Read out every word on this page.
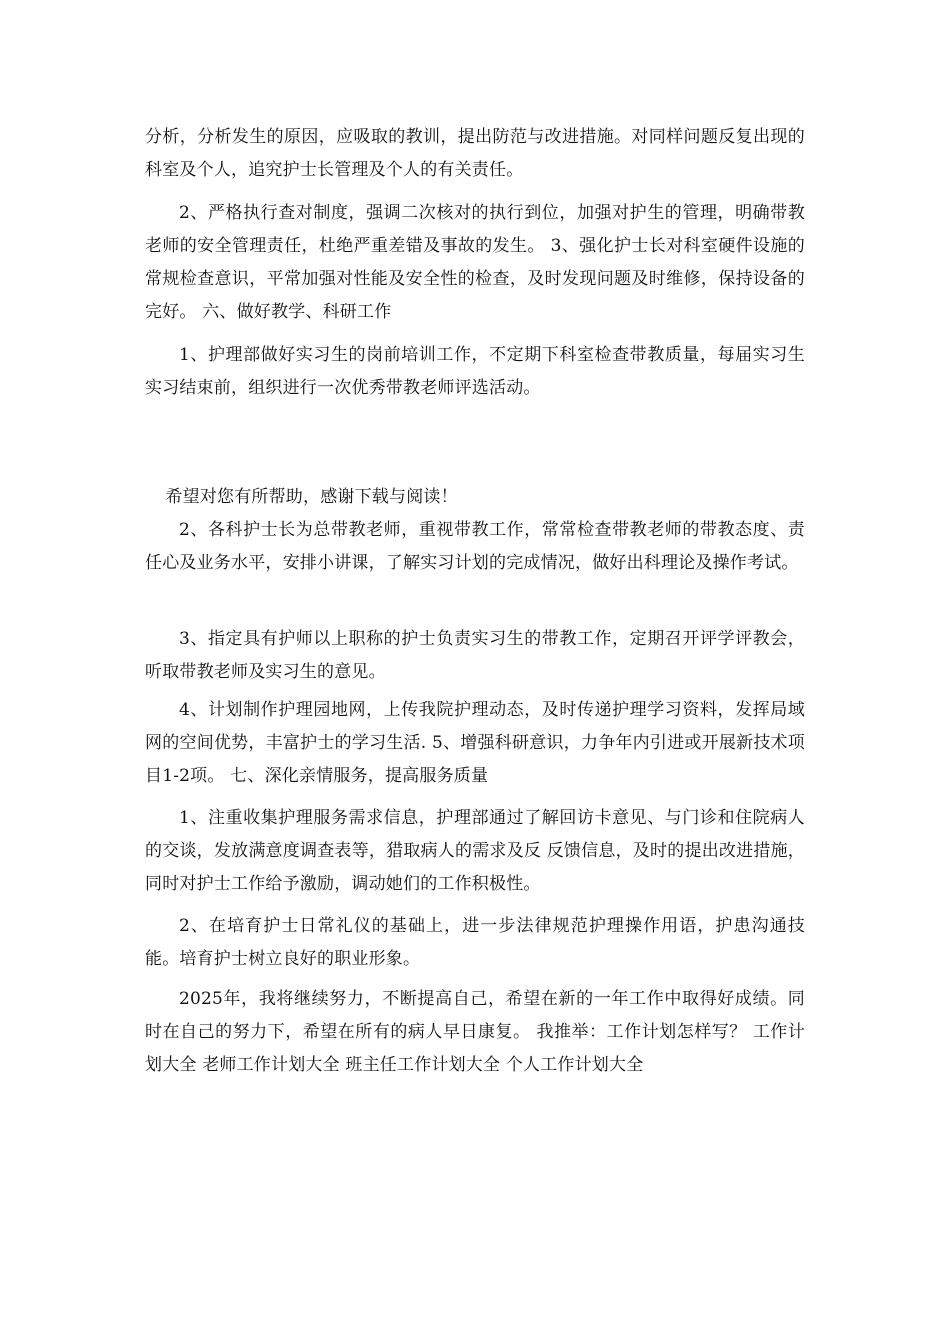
分析，分析发生的原因，应吸取的教训，提出防范与改进措施。对同样问题反复出现的科室及个人，追究护士长管理及个人的有关责任。

2、严格执行查对制度，强调二次核对的执行到位，加强对护生的管理，明确带教老师的安全管理责任，杜绝严重差错及事故的发生。 3、强化护士长对科室硬件设施的常规检查意识，平常加强对性能及安全性的检查，及时发现问题及时维修，保持设备的完好。 六、做好教学、科研工作

1、护理部做好实习生的岗前培训工作，不定期下科室检查带教质量，每届实习生实习结束前，组织进行一次优秀带教老师评选活动。

希望对您有所帮助，感谢下载与阅读！

2、各科护士长为总带教老师，重视带教工作，常常检查带教老师的带教态度、责任心及业务水平，安排小讲课，了解实习计划的完成情况，做好出科理论及操作考试。

3、指定具有护师以上职称的护士负责实习生的带教工作，定期召开评学评教会，听取带教老师及实习生的意见。

4、计划制作护理园地网，上传我院护理动态，及时传递护理学习资料，发挥局域网的空间优势，丰富护士的学习生活. 5、增强科研意识，力争年内引进或开展新技术项目1-2项。 七、深化亲情服务，提高服务质量

1、注重收集护理服务需求信息，护理部通过了解回访卡意见、与门诊和住院病人的交谈，发放满意度调查表等，猎取病人的需求及反 反馈信息，及时的提出改进措施，同时对护士工作给予激励，调动她们的工作积极性。

2、在培育护士日常礼仪的基础上，进一步法律规范护理操作用语，护患沟通技能。培育护士树立良好的职业形象。

2025年，我将继续努力，不断提高自己，希望在新的一年工作中取得好成绩。同时在自己的努力下，希望在所有的病人早日康复。 我推举：工作计划怎样写？ 工作计划大全 老师工作计划大全 班主任工作计划大全 个人工作计划大全
